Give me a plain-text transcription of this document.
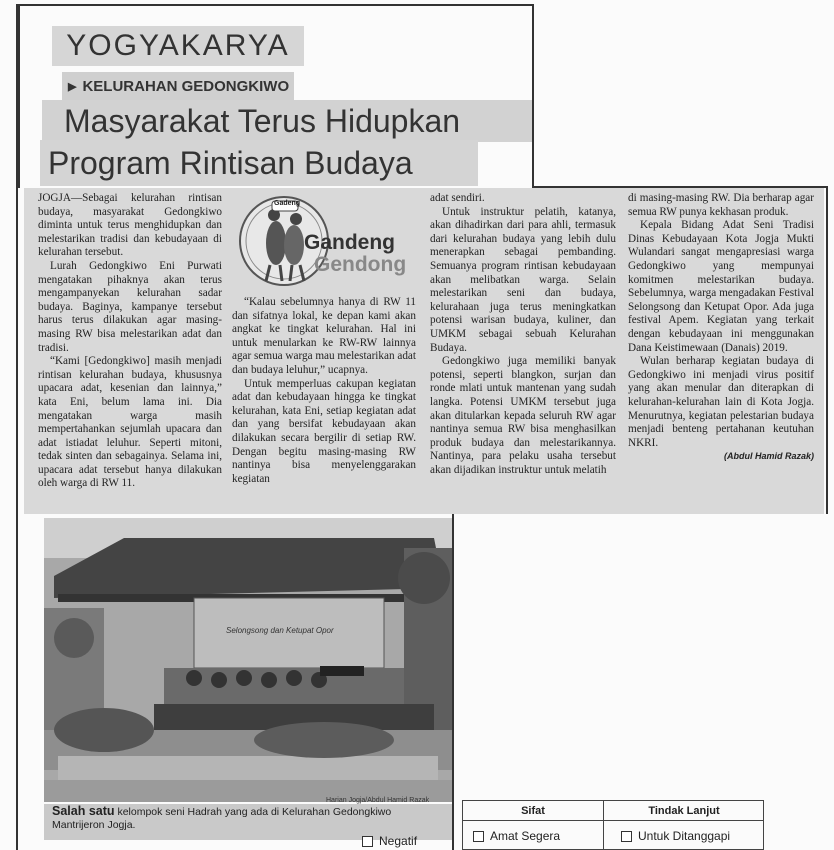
YOGYAKARYA
▶ KELURAHAN GEDONGKIWO
Masyarakat Terus Hidupkan
Program Rintisan Budaya
Gadeng
Gandeng
Gendong

JOGJA—Sebagai kelurahan rintisan budaya, masyarakat Gedongkiwo diminta untuk terus menghidupkan dan melestarikan tradisi dan kebudayaan di kelurahan tersebut.

Lurah Gedongkiwo Eni Purwati mengatakan pihaknya akan terus mengampanyekan kelurahan sadar budaya. Baginya, kampanye tersebut harus terus dilakukan agar masing-masing RW bisa melestarikan adat dan tradisi.

“Kami [Gedongkiwo] masih menjadi rintisan kelurahan budaya, khususnya upacara adat, kesenian dan lainnya,” kata Eni, belum lama ini. Dia mengatakan warga masih mempertahankan sejumlah upacara dan adat istiadat leluhur. Seperti mitoni, tedak sinten dan sebagainya. Selama ini, upacara adat tersebut hanya dilakukan oleh warga di RW 11.

“Kalau sebelumnya hanya di RW 11 dan sifatnya lokal, ke depan kami akan angkat ke tingkat kelurahan. Hal ini untuk menularkan ke RW-RW lainnya agar semua warga mau melestarikan adat dan budaya leluhur,” ucapnya.

Untuk memperluas cakupan kegiatan adat dan kebudayaan hingga ke tingkat kelurahan, kata Eni, setiap kegiatan adat dan yang bersifat kebudayaan akan dilakukan secara bergilir di setiap RW. Dengan begitu masing-masing RW nantinya bisa menyelenggarakan kegiatan

adat sendiri.

Untuk instruktur pelatih, katanya, akan dihadirkan dari para ahli, termasuk dari kelurahan budaya yang lebih dulu menerapkan sebagai pembanding. Semuanya program rintisan kebudayaan akan melibatkan warga. Selain melestarikan seni dan budaya, kelurahaan juga terus meningkatkan potensi warisan budaya, kuliner, dan UMKM sebagai sebuah Kelurahan Budaya.

Gedongkiwo juga memiliki banyak potensi, seperti blangkon, surjan dan ronde mlati untuk mantenan yang sudah langka. Potensi UMKM tersebut juga akan ditularkan kepada seluruh RW agar nantinya semua RW bisa menghasilkan produk budaya dan melestarikannya. Nantinya, para pelaku usaha tersebut akan dijadikan instruktur untuk melatih

di masing-masing RW. Dia berharap agar semua RW punya kekhasan produk.

Kepala Bidang Adat Seni Tradisi Dinas Kebudayaan Kota Jogja Mukti Wulandari sangat mengapresiasi warga Gedongkiwo yang mempunyai komitmen melestarikan budaya. Sebelumnya, warga mengadakan Festival Selongsong dan Ketupat Opor. Ada juga festival Apem. Kegiatan yang terkait dengan kebudayaan ini menggunakan Dana Keistimewaan (Danais) 2019.

Wulan berharap kegiatan budaya di Gedongkiwo ini menjadi virus positif yang akan menular dan diterapkan di kelurahan-kelurahan lain di Kota Jogja. Menurutnya, kegiatan pelestarian budaya menjadi benteng pertahanan keutuhan NKRI.

(Abdul Hamid Razak)

Selongsong dan Ketupat Opor
Harian Jogja/Abdul Hamid Razak
Salah satu kelompok seni Hadrah yang ada di Kelurahan Gedongkiwo Mantrijeron Jogja.
Sifat	Tindak Lanjut
Amat Segera	Untuk Ditanggapi
Negatif
